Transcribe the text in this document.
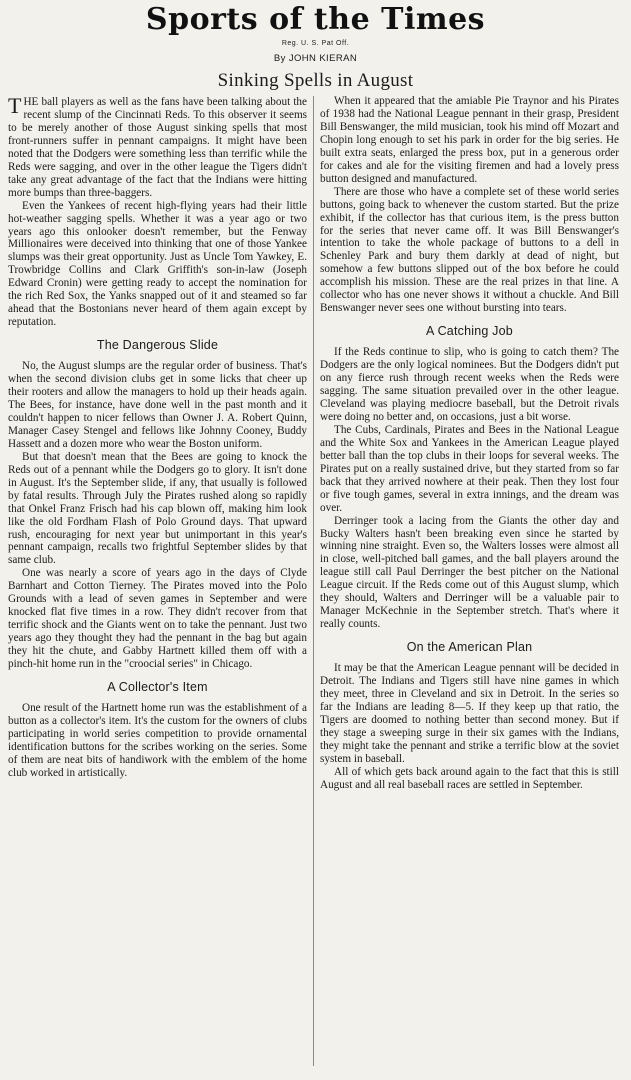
Sports of the Times
Reg. U. S. Pat Off.
By JOHN KIERAN
Sinking Spells in August

THE ball players as well as the fans have been talking about the recent slump of the Cincinnati Reds. To this observer it seems to be merely another of those August sinking spells that most front-runners suffer in pennant campaigns. It might have been noted that the Dodgers were something less than terrific while the Reds were sagging, and over in the other league the Tigers didn't take any great advantage of the fact that the Indians were hitting more bumps than three-baggers.

Even the Yankees of recent high-flying years had their little hot-weather sagging spells. Whether it was a year ago or two years ago this onlooker doesn't remember, but the Fenway Millionaires were deceived into thinking that one of those Yankee slumps was their great opportunity. Just as Uncle Tom Yawkey, E. Trowbridge Collins and Clark Griffith's son-in-law (Joseph Edward Cronin) were getting ready to accept the nomination for the rich Red Sox, the Yanks snapped out of it and steamed so far ahead that the Bostonians never heard of them again except by reputation.

The Dangerous Slide

No, the August slumps are the regular order of business. That's when the second division clubs get in some licks that cheer up their rooters and allow the managers to hold up their heads again. The Bees, for instance, have done well in the past month and it couldn't happen to nicer fellows than Owner J. A. Robert Quinn, Manager Casey Stengel and fellows like Johnny Cooney, Buddy Hassett and a dozen more who wear the Boston uniform.

But that doesn't mean that the Bees are going to knock the Reds out of a pennant while the Dodgers go to glory. It isn't done in August. It's the September slide, if any, that usually is followed by fatal results. Through July the Pirates rushed along so rapidly that Onkel Franz Frisch had his cap blown off, making him look like the old Fordham Flash of Polo Ground days. That upward rush, encouraging for next year but unimportant in this year's pennant campaign, recalls two frightful September slides by that same club.

One was nearly a score of years ago in the days of Clyde Barnhart and Cotton Tierney. The Pirates moved into the Polo Grounds with a lead of seven games in September and were knocked flat five times in a row. They didn't recover from that terrific shock and the Giants went on to take the pennant. Just two years ago they thought they had the pennant in the bag but again they hit the chute, and Gabby Hartnett killed them off with a pinch-hit home run in the "croocial series" in Chicago.

A Collector's Item

One result of the Hartnett home run was the establishment of a button as a collector's item. It's the custom for the owners of clubs participating in world series competition to provide ornamental identification buttons for the scribes working on the series. Some of them are neat bits of handiwork with the emblem of the home club worked in artistically.

When it appeared that the amiable Pie Traynor and his Pirates of 1938 had the National League pennant in their grasp, President Bill Benswanger, the mild musician, took his mind off Mozart and Chopin long enough to set his park in order for the big series. He built extra seats, enlarged the press box, put in a generous order for cakes and ale for the visiting firemen and had a lovely press button designed and manufactured.

There are those who have a complete set of these world series buttons, going back to whenever the custom started. But the prize exhibit, if the collector has that curious item, is the press button for the series that never came off. It was Bill Benswanger's intention to take the whole package of buttons to a dell in Schenley Park and bury them darkly at dead of night, but somehow a few buttons slipped out of the box before he could accomplish his mission. These are the real prizes in that line. A collector who has one never shows it without a chuckle. And Bill Benswanger never sees one without bursting into tears.

A Catching Job

If the Reds continue to slip, who is going to catch them? The Dodgers are the only logical nominees. But the Dodgers didn't put on any fierce rush through recent weeks when the Reds were sagging. The same situation prevailed over in the other league. Cleveland was playing mediocre baseball, but the Detroit rivals were doing no better and, on occasions, just a bit worse.

The Cubs, Cardinals, Pirates and Bees in the National League and the White Sox and Yankees in the American League played better ball than the top clubs in their loops for several weeks. The Pirates put on a really sustained drive, but they started from so far back that they arrived nowhere at their peak. Then they lost four or five tough games, several in extra innings, and the dream was over.

Derringer took a lacing from the Giants the other day and Bucky Walters hasn't been breaking even since he started by winning nine straight. Even so, the Walters losses were almost all in close, well-pitched ball games, and the ball players around the league still call Paul Derringer the best pitcher on the National League circuit. If the Reds come out of this August slump, which they should, Walters and Derringer will be a valuable pair to Manager McKechnie in the September stretch. That's where it really counts.

On the American Plan

It may be that the American League pennant will be decided in Detroit. The Indians and Tigers still have nine games in which they meet, three in Cleveland and six in Detroit. In the series so far the Indians are leading 8—5. If they keep up that ratio, the Tigers are doomed to nothing better than second money. But if they stage a sweeping surge in their six games with the Indians, they might take the pennant and strike a terrific blow at the soviet system in baseball.

All of which gets back around again to the fact that this is still August and all real baseball races are settled in September.
